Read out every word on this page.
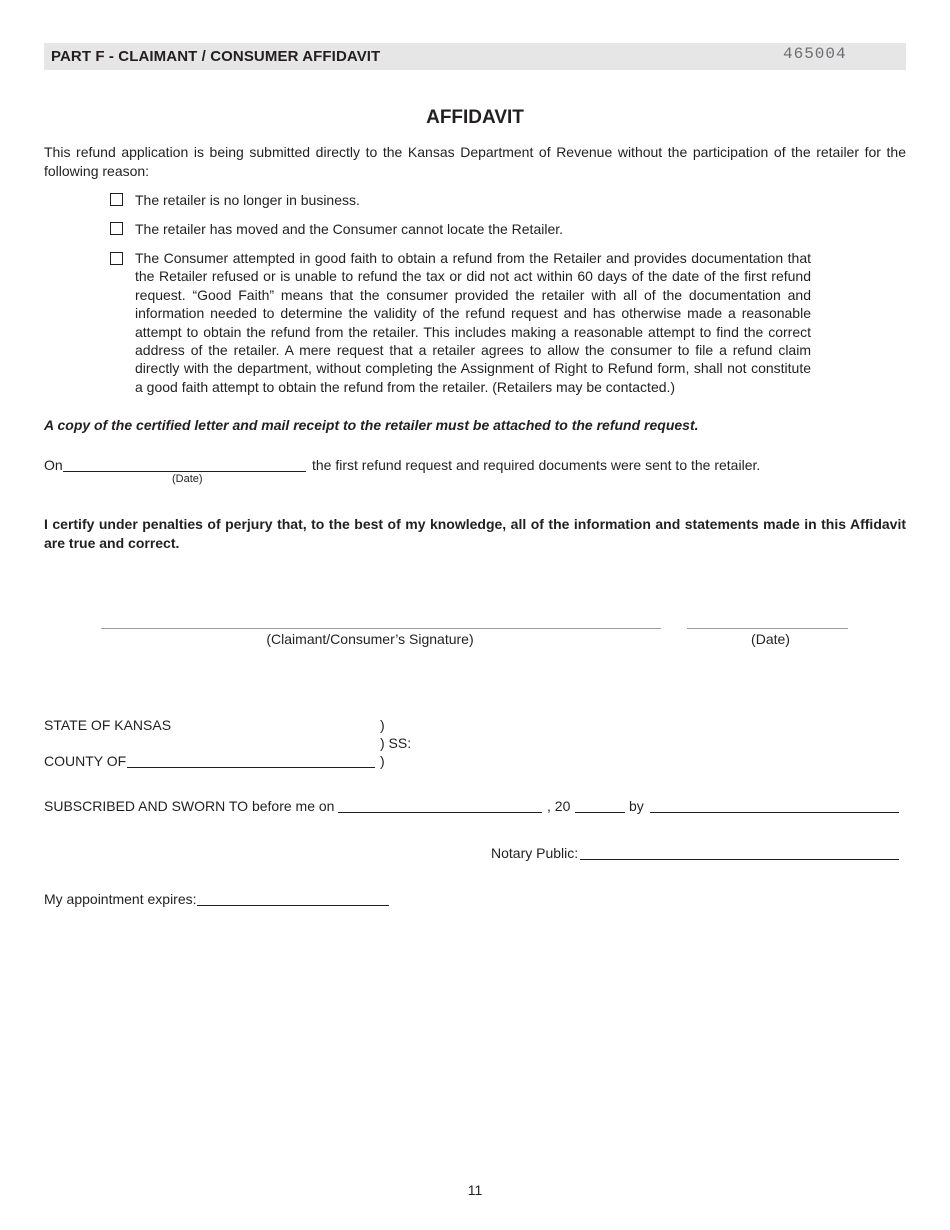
PART F - CLAIMANT / CONSUMER AFFIDAVIT	465004
AFFIDAVIT
This refund application is being submitted directly to the Kansas Department of Revenue without the participation of the retailer for the following reason:
The retailer is no longer in business.
The retailer has moved and the Consumer cannot locate the Retailer.
The Consumer attempted in good faith to obtain a refund from the Retailer and provides documentation that the Retailer refused or is unable to refund the tax or did not act within 60 days of the date of the first refund request. “Good Faith” means that the consumer provided the retailer with all of the documentation and information needed to determine the validity of the refund request and has otherwise made a reasonable attempt to obtain the refund from the retailer. This includes making a reasonable attempt to find the correct address of the retailer. A mere request that a retailer agrees to allow the consumer to file a refund claim directly with the department, without completing the Assignment of Right to Refund form, shall not constitute a good faith attempt to obtain the refund from the retailer. (Retailers may be contacted.)
A copy of the certified letter and mail receipt to the retailer must be attached to the refund request.
On	the first refund request and required documents were sent to the retailer.
(Date)
I certify under penalties of perjury that, to the best of my knowledge, all of the information and statements made in this Affidavit are true and correct.
(Claimant/Consumer’s Signature)	(Date)
STATE OF KANSAS	)
) SS:
COUNTY OF	)
SUBSCRIBED AND SWORN TO before me on	, 20	by
Notary Public:
My appointment expires:
11
